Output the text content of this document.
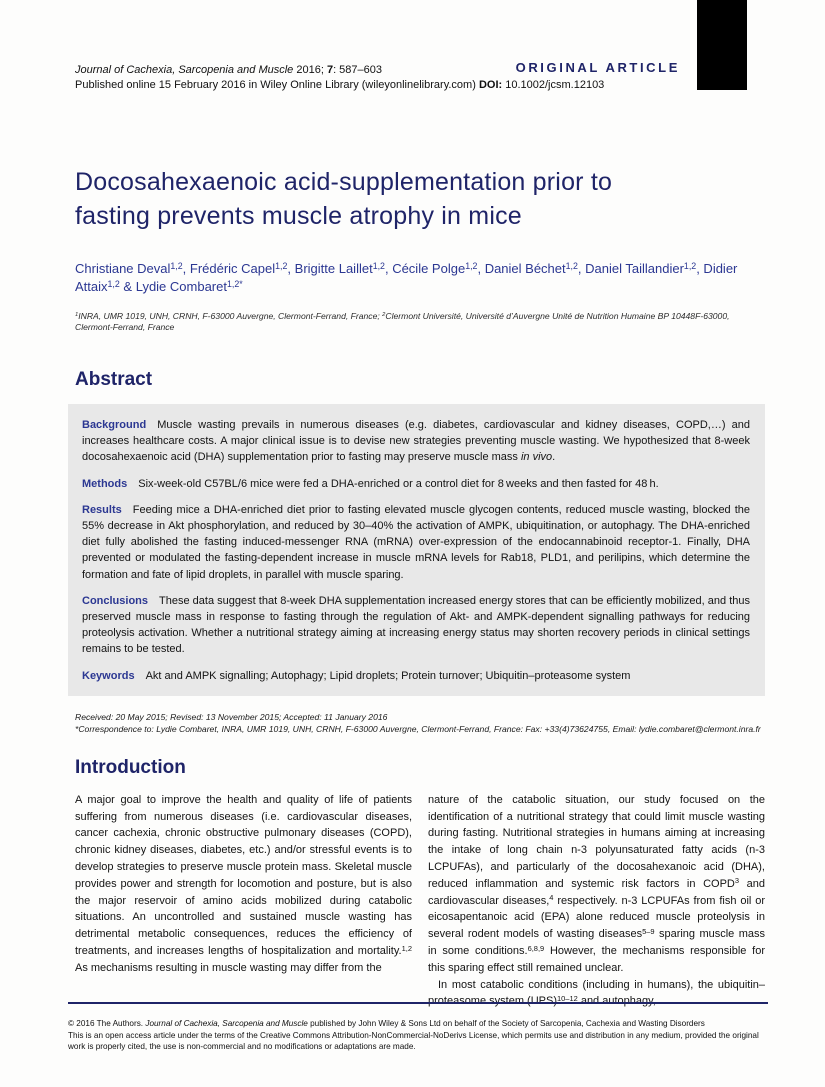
ORIGINAL ARTICLE
Journal of Cachexia, Sarcopenia and Muscle 2016; 7: 587–603
Published online 15 February 2016 in Wiley Online Library (wileyonlinelibrary.com) DOI: 10.1002/jcsm.12103
Docosahexaenoic acid-supplementation prior to
fasting prevents muscle atrophy in mice
Christiane Deval$^{1,2}$, Frédéric Capel$^{1,2}$, Brigitte Laillet$^{1,2}$, Cécile Polge$^{1,2}$, Daniel Béchet$^{1,2}$, Daniel Taillandier$^{1,2}$, Didier Attaix$^{1,2}$ & Lydie Combaret$^{1,2*}$
$^1$INRA, UMR 1019, UNH, CRNH, F-63000 Auvergne, Clermont-Ferrand, France; $^2$Clermont Université, Université d’Auvergne Unité de Nutrition Humaine BP 10448F-63000, Clermont-Ferrand, France
Abstract

Background Muscle wasting prevails in numerous diseases (e.g. diabetes, cardiovascular and kidney diseases, COPD,…) and increases healthcare costs. A major clinical issue is to devise new strategies preventing muscle wasting. We hypothesized that 8-week docosahexaenoic acid (DHA) supplementation prior to fasting may preserve muscle mass in vivo.

Methods Six-week-old C57BL/6 mice were fed a DHA-enriched or a control diet for 8 weeks and then fasted for 48 h.

Results Feeding mice a DHA-enriched diet prior to fasting elevated muscle glycogen contents, reduced muscle wasting, blocked the 55% decrease in Akt phosphorylation, and reduced by 30–40% the activation of AMPK, ubiquitination, or autophagy. The DHA-enriched diet fully abolished the fasting induced-messenger RNA (mRNA) over-expression of the endocannabinoid receptor-1. Finally, DHA prevented or modulated the fasting-dependent increase in muscle mRNA levels for Rab18, PLD1, and perilipins, which determine the formation and fate of lipid droplets, in parallel with muscle sparing.

Conclusions These data suggest that 8-week DHA supplementation increased energy stores that can be efficiently mobilized, and thus preserved muscle mass in response to fasting through the regulation of Akt- and AMPK-dependent signalling pathways for reducing proteolysis activation. Whether a nutritional strategy aiming at increasing energy status may shorten recovery periods in clinical settings remains to be tested.

Keywords Akt and AMPK signalling; Autophagy; Lipid droplets; Protein turnover; Ubiquitin–proteasome system

Received: 20 May 2015; Revised: 13 November 2015; Accepted: 11 January 2016
*Correspondence to: Lydie Combaret, INRA, UMR 1019, UNH, CRNH, F-63000 Auvergne, Clermont-Ferrand, France: Fax: +33(4)73624755, Email: lydie.combaret@clermont.inra.fr
Introduction

A major goal to improve the health and quality of life of patients suffering from numerous diseases (i.e. cardiovascular diseases, cancer cachexia, chronic obstructive pulmonary diseases (COPD), chronic kidney diseases, diabetes, etc.) and/or stressful events is to develop strategies to preserve muscle protein mass. Skeletal muscle provides power and strength for locomotion and posture, but is also the major reservoir of amino acids mobilized during catabolic situations. An uncontrolled and sustained muscle wasting has detrimental metabolic consequences, reduces the efficiency of treatments, and increases lengths of hospitalization and mortality.$^{1,2}$ As mechanisms resulting in muscle wasting may differ from the

nature of the catabolic situation, our study focused on the identification of a nutritional strategy that could limit muscle wasting during fasting. Nutritional strategies in humans aiming at increasing the intake of long chain n-3 polyunsaturated fatty acids (n-3 LCPUFAs), and particularly of the docosahexanoic acid (DHA), reduced inflammation and systemic risk factors in COPD$^3$ and cardiovascular diseases,$^4$ respectively. n-3 LCPUFAs from fish oil or eicosapentanoic acid (EPA) alone reduced muscle proteolysis in several rodent models of wasting diseases$^{5-9}$ sparing muscle mass in some conditions.$^{6,8,9}$ However, the mechanisms responsible for this sparing effect still remained unclear.

In most catabolic conditions (including in humans), the ubiquitin–proteasome system (UPS)$^{10-12}$ and autophagy,

© 2016 The Authors. Journal of Cachexia, Sarcopenia and Muscle published by John Wiley & Sons Ltd on behalf of the Society of Sarcopenia, Cachexia and Wasting Disorders
This is an open access article under the terms of the Creative Commons Attribution-NonCommercial-NoDerivs License, which permits use and distribution in any medium, provided the original work is properly cited, the use is non-commercial and no modifications or adaptations are made.
